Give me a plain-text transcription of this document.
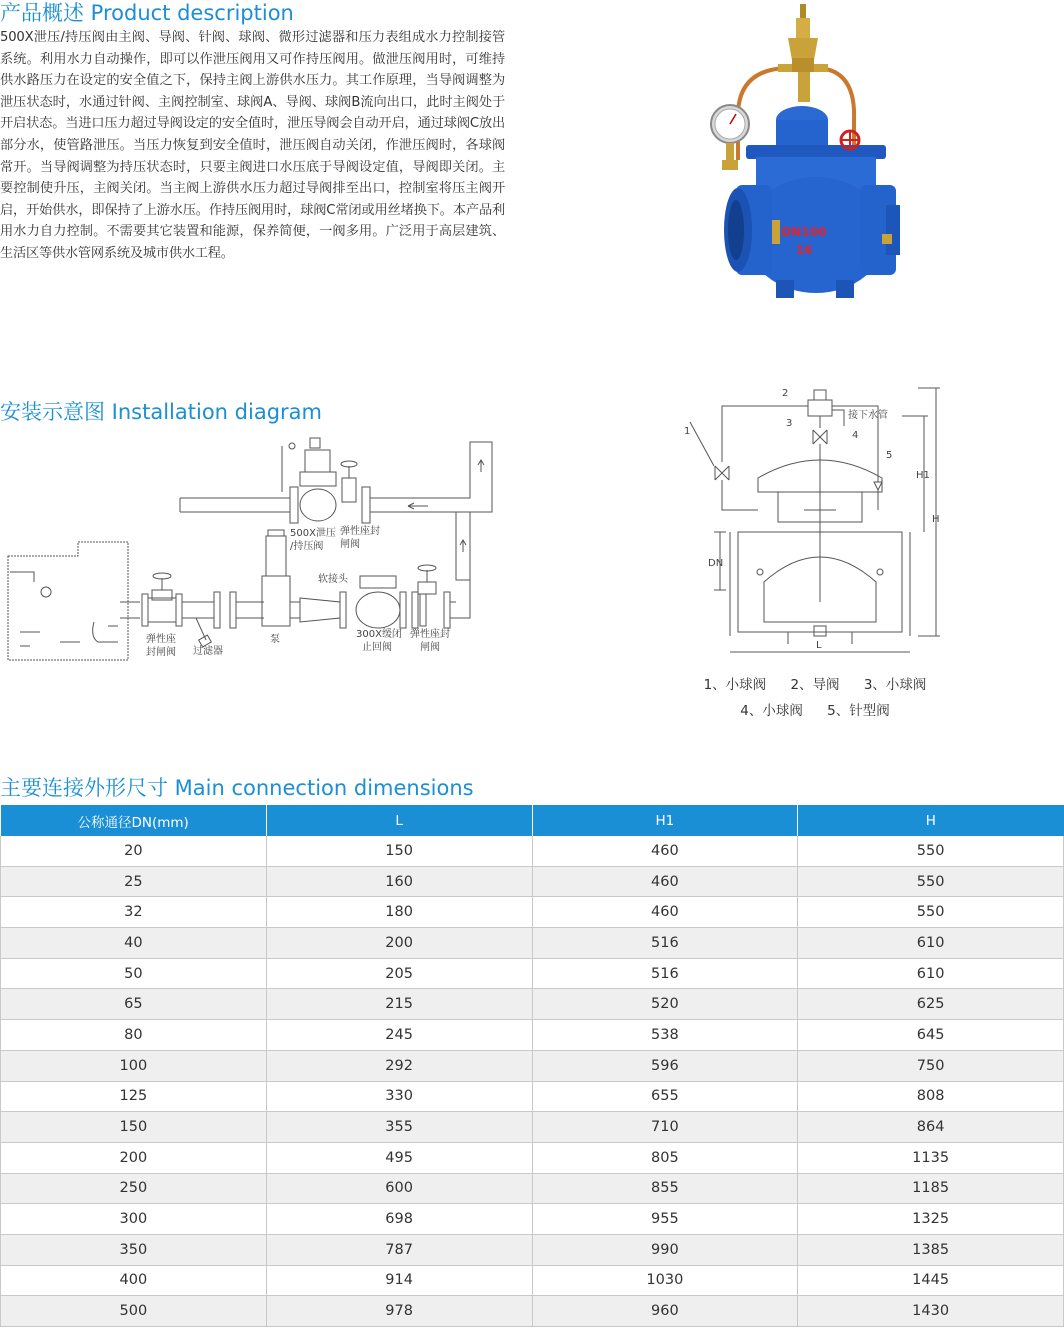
产品概述 Product description

500X泄压/持压阀由主阀、导阀、针阀、球阀、微形过滤器和压力表组成水力控制接管系统。利用水力自动操作，即可以作泄压阀用又可作持压阀用。做泄压阀用时，可维持供水路压力在设定的安全值之下，保持主阀上游供水压力。其工作原理，当导阀调整为泄压状态时，水通过针阀、主阀控制室、球阀A、导阀、球阀B流向出口，此时主阀处于开启状态。当进口压力超过导阀设定的安全值时，泄压导阀会自动开启，通过球阀C放出部分水，使管路泄压。当压力恢复到安全值时，泄压阀自动关闭，作泄压阀时，各球阀常开。当导阀调整为持压状态时，只要主阀进口水压底于导阀设定值，导阀即关闭。主要控制使升压，主阀关闭。当主阀上游供水压力超过导阀排至出口，控制室将压主阀开启，开始供水，即保持了上游水压。作持压阀用时，球阀C常闭或用丝堵换下。本产品利用水力自力控制。不需要其它装置和能源，保养简便，一阀多用。广泛用于高层建筑、生活区等供水管网系统及城市供水工程。

DN100
16
安装示意图 Installation diagram
500X泄压
/持压阀
弹性座封
闸阀
软接头
弹性座
封闸阀 过滤器
泵	300X缓闭
止回阀
弹性座封
闸阀
1
2
3
4
5
接下水管
H1
H
DN
L
1、小球阀 2、导阀 3、小球阀
4、小球阀 5、针型阀
主要连接外形尺寸 Main connection dimensions
公称通径DN(mm)	L	H1	H
20	150	460	550
25	160	460	550
32	180	460	550
40	200	516	610
50	205	516	610
65	215	520	625
80	245	538	645
100	292	596	750
125	330	655	808
150	355	710	864
200	495	805	1135
250	600	855	1185
300	698	955	1325
350	787	990	1385
400	914	1030	1445
500	978	960	1430
